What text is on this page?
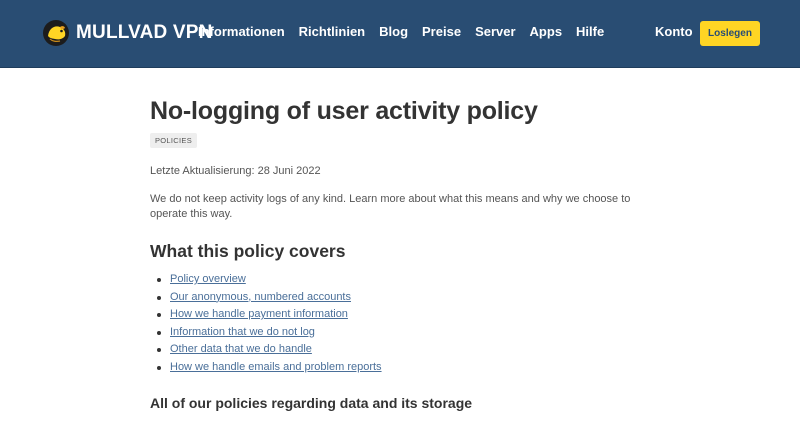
MULLVAD VPN
Informationen Richtlinien Blog Preise Server Apps Hilfe	Konto	Loslegen
No-logging of user activity policy
POLICIES
Letzte Aktualisierung: 28 Juni 2022

We do not keep activity logs of any kind. Learn more about what this means and why we choose to operate this way.

What this policy covers
Policy overview
Our anonymous, numbered accounts
How we handle payment information
Information that we do not log
Other data that we do handle
How we handle emails and problem reports
All of our policies regarding data and its storage
